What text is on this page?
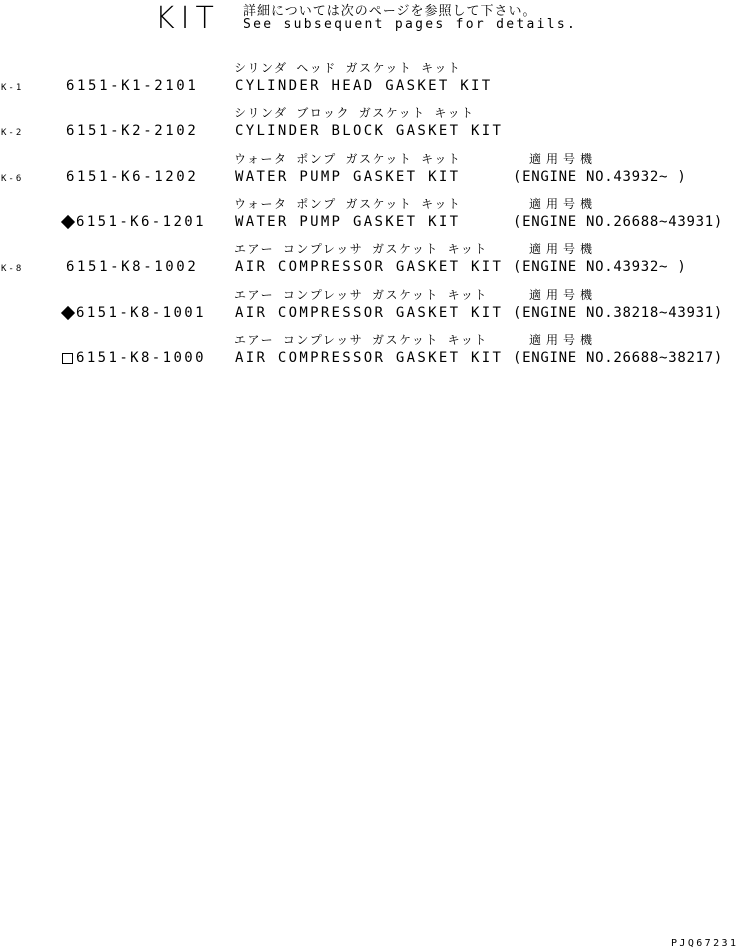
KIT 詳細については次のページを参照して下さい。
See subsequent pages for details.
K-1	6151-K1-2101
シリンダ ヘッド ガスケット キット
CYLINDER HEAD GASKET KIT
K-2	6151-K2-2102
シリンダ ブロック ガスケット キット
CYLINDER BLOCK GASKET KIT
K-6	6151-K6-1202
ウォータ ポンプ ガスケット キット
WATER PUMP GASKET KIT
適用号機
(ENGINE NO.43932~ )
6151-K6-1201
ウォータ ポンプ ガスケット キット
WATER PUMP GASKET KIT
適用号機
(ENGINE NO.26688~43931)
K-8	6151-K8-1002
エアー コンプレッサ ガスケット キット
AIR COMPRESSOR GASKET KIT
適用号機
(ENGINE NO.43932~ )
6151-K8-1001
エアー コンプレッサ ガスケット キット
AIR COMPRESSOR GASKET KIT
適用号機
(ENGINE NO.38218~43931)
6151-K8-1000
エアー コンプレッサ ガスケット キット
AIR COMPRESSOR GASKET KIT
適用号機
(ENGINE NO.26688~38217)
PJQ67231
